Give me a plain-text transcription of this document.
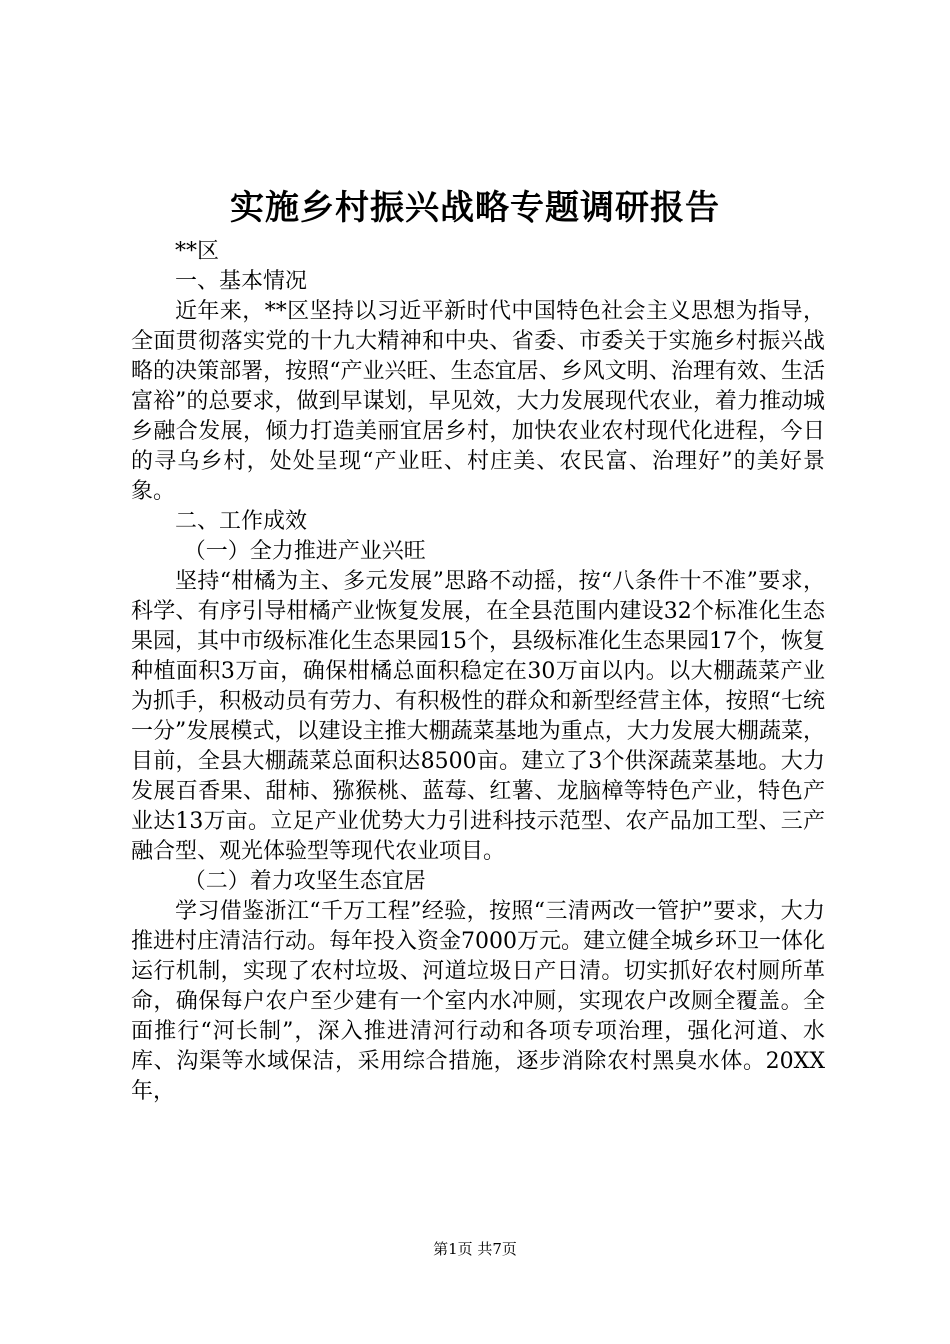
实施乡村振兴战略专题调研报告

**区

一、基本情况

近年来，**区坚持以习近平新时代中国特色社会主义思想为指导，全面贯彻落实党的十九大精神和中央、省委、市委关于实施乡村振兴战略的决策部署，按照“产业兴旺、生态宜居、乡风文明、治理有效、生活富裕”的总要求，做到早谋划，早见效，大力发展现代农业，着力推动城乡融合发展，倾力打造美丽宜居乡村，加快农业农村现代化进程，今日的寻乌乡村，处处呈现“产业旺、村庄美、农民富、治理好”的美好景象。

二、工作成效

（一）全力推进产业兴旺

坚持“柑橘为主、多元发展”思路不动摇，按“八条件十不准”要求，科学、有序引导柑橘产业恢复发展，在全县范围内建设32个标准化生态果园，其中市级标准化生态果园15个，县级标准化生态果园17个，恢复种植面积3万亩，确保柑橘总面积稳定在30万亩以内。以大棚蔬菜产业为抓手，积极动员有劳力、有积极性的群众和新型经营主体，按照“七统一分”发展模式，以建设主推大棚蔬菜基地为重点，大力发展大棚蔬菜，目前，全县大棚蔬菜总面积达8500亩。建立了3个供深蔬菜基地。大力发展百香果、甜柿、猕猴桃、蓝莓、红薯、龙脑樟等特色产业，特色产业达13万亩。立足产业优势大力引进科技示范型、农产品加工型、三产融合型、观光体验型等现代农业项目。

（二）着力攻坚生态宜居

学习借鉴浙江“千万工程”经验，按照“三清两改一管护”要求，大力推进村庄清洁行动。每年投入资金7000万元。建立健全城乡环卫一体化运行机制，实现了农村垃圾、河道垃圾日产日清。切实抓好农村厕所革命，确保每户农户至少建有一个室内水冲厕，实现农户改厕全覆盖。全面推行“河长制”，深入推进清河行动和各项专项治理，强化河道、水库、沟渠等水域保洁，采用综合措施，逐步消除农村黑臭水体。20XX年，

第1页 共7页
